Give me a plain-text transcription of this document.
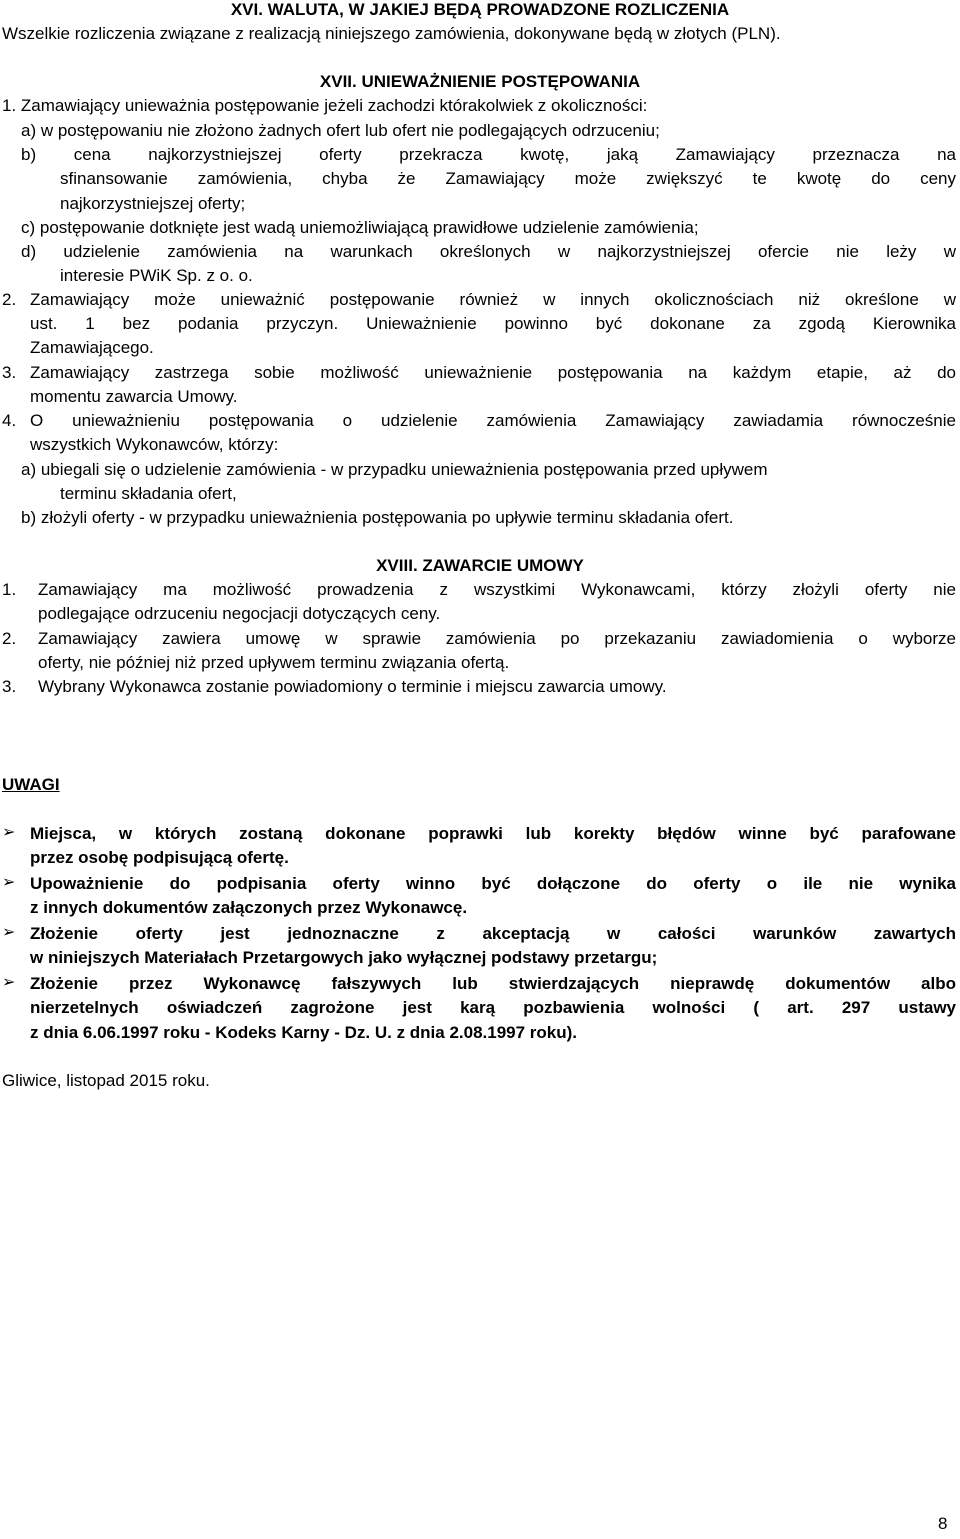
XVI. WALUTA, W JAKIEJ BĘDĄ PROWADZONE ROZLICZENIA
Wszelkie rozliczenia związane z realizacją niniejszego zamówienia, dokonywane będą w złotych (PLN).
XVII. UNIEWAŻNIENIE POSTĘPOWANIA
1. Zamawiający unieważnia postępowanie jeżeli zachodzi którakolwiek z okoliczności:
a) w postępowaniu nie złożono żadnych ofert lub ofert nie podlegających odrzuceniu;
b) cena najkorzystniejszej oferty przekracza kwotę, jaką Zamawiający przeznacza na
sfinansowanie zamówienia, chyba że Zamawiający może zwiększyć te kwotę do ceny
najkorzystniejszej oferty;
c) postępowanie dotknięte jest wadą uniemożliwiającą prawidłowe udzielenie zamówienia;
d) udzielenie zamówienia na warunkach określonych w najkorzystniejszej ofercie nie leży w
interesie PWiK Sp. z o. o.
2. Zamawiający może unieważnić postępowanie również w innych okolicznościach niż określone w
ust. 1 bez podania przyczyn. Unieważnienie powinno być dokonane za zgodą Kierownika
Zamawiającego.
3. Zamawiający zastrzega sobie możliwość unieważnienie postępowania na każdym etapie, aż do
momentu zawarcia Umowy.
4. O unieważnieniu postępowania o udzielenie zamówienia Zamawiający zawiadamia równocześnie
wszystkich Wykonawców, którzy:
a) ubiegali się o udzielenie zamówienia - w przypadku unieważnienia postępowania przed upływem
terminu składania ofert,
b) złożyli oferty - w przypadku unieważnienia postępowania po upływie terminu składania ofert.
XVIII. ZAWARCIE UMOWY
1. Zamawiający ma możliwość prowadzenia z wszystkimi Wykonawcami, którzy złożyli oferty nie
podlegające odrzuceniu negocjacji dotyczących ceny.
2. Zamawiający zawiera umowę w sprawie zamówienia po przekazaniu zawiadomienia o wyborze
oferty, nie później niż przed upływem terminu związania ofertą.
3. Wybrany Wykonawca zostanie powiadomiony o terminie i miejscu zawarcia umowy.
UWAGI
➢ Miejsca, w których zostaną dokonane poprawki lub korekty błędów winne być parafowane
przez osobę podpisującą ofertę.
➢ Upoważnienie do podpisania oferty winno być dołączone do oferty o ile nie wynika
z innych dokumentów załączonych przez Wykonawcę.
➢ Złożenie oferty jest jednoznaczne z akceptacją w całości warunków zawartych
w niniejszych Materiałach Przetargowych jako wyłącznej podstawy przetargu;
➢ Złożenie przez Wykonawcę fałszywych lub stwierdzających nieprawdę dokumentów albo
nierzetelnych oświadczeń zagrożone jest karą pozbawienia wolności ( art. 297 ustawy
z dnia 6.06.1997 roku - Kodeks Karny - Dz. U. z dnia 2.08.1997 roku).
Gliwice, listopad 2015 roku.
8
